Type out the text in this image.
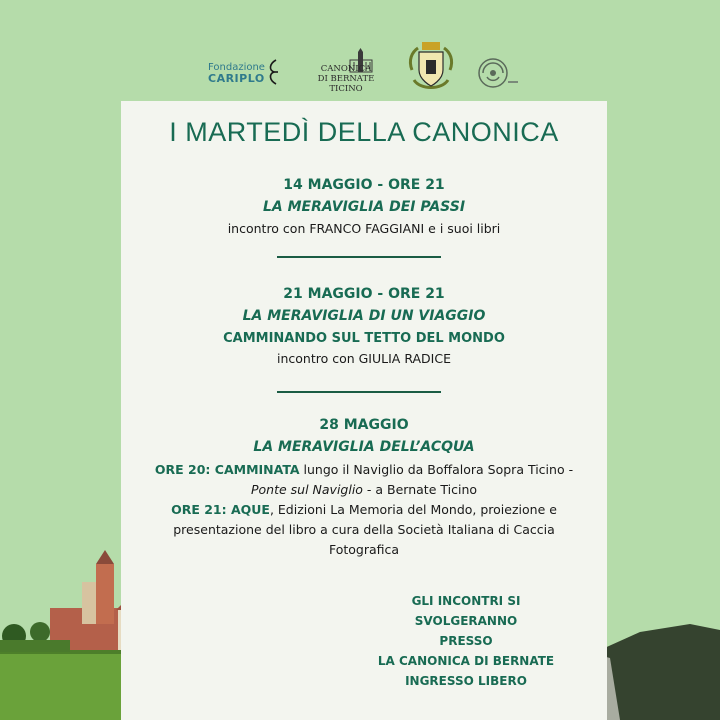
Fondazione
CARIPLO
CANONICA
DI BERNATE TICINO
I MARTEDÌ DELLA CANONICA
14 MAGGIO - ORE 21
LA MERAVIGLIA DEI PASSI
incontro con FRANCO FAGGIANI e i suoi libri
21 MAGGIO - ORE 21
LA MERAVIGLIA DI UN VIAGGIO
CAMMINANDO SUL TETTO DEL MONDO
incontro con GIULIA RADICE
28 MAGGIO
LA MERAVIGLIA DELL’ACQUA
ORE 20: CAMMINATA lungo il Naviglio da Boffalora Sopra Ticino -
Ponte sul Naviglio - a Bernate Ticino
ORE 21: AQUE, Edizioni La Memoria del Mondo, proiezione e
presentazione del libro a cura della Società Italiana di Caccia
Fotografica
GLI INCONTRI SI
SVOLGERANNO
PRESSO
LA CANONICA DI BERNATE
INGRESSO LIBERO
